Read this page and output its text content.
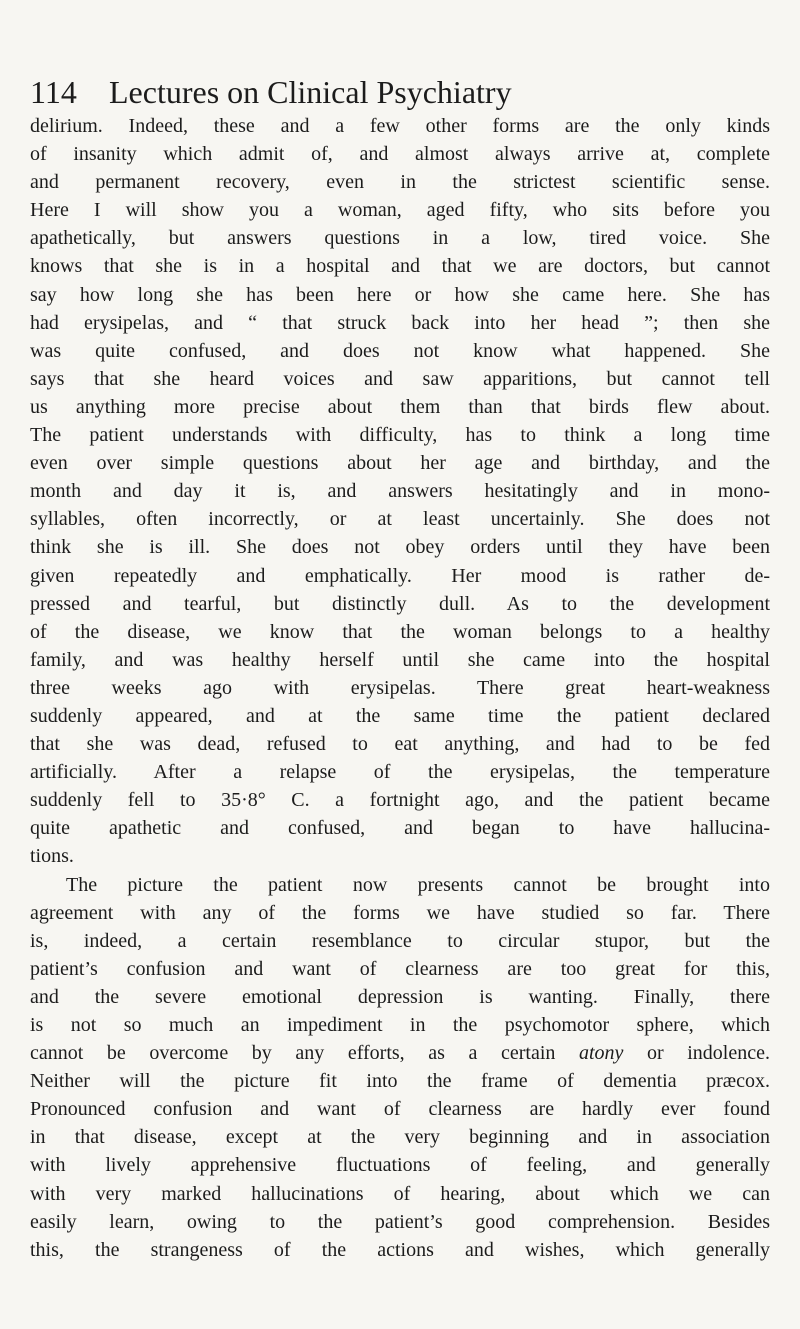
114 Lectures on Clinical Psychiatry
delirium. Indeed, these and a few other forms are the only kinds
of insanity which admit of, and almost always arrive at, complete
and permanent recovery, even in the strictest scientific sense.
Here I will show you a woman, aged fifty, who sits before you
apathetically, but answers questions in a low, tired voice. She
knows that she is in a hospital and that we are doctors, but cannot
say how long she has been here or how she came here. She has
had erysipelas, and “ that struck back into her head ”; then she
was quite confused, and does not know what happened. She
says that she heard voices and saw apparitions, but cannot tell
us anything more precise about them than that birds flew about.
The patient understands with difficulty, has to think a long time
even over simple questions about her age and birthday, and the
month and day it is, and answers hesitatingly and in mono-
syllables, often incorrectly, or at least uncertainly. She does not
think she is ill. She does not obey orders until they have been
given repeatedly and emphatically. Her mood is rather de-
pressed and tearful, but distinctly dull. As to the development
of the disease, we know that the woman belongs to a healthy
family, and was healthy herself until she came into the hospital
three weeks ago with erysipelas. There great heart-weakness
suddenly appeared, and at the same time the patient declared
that she was dead, refused to eat anything, and had to be fed
artificially. After a relapse of the erysipelas, the temperature
suddenly fell to 35·8° C. a fortnight ago, and the patient became
quite apathetic and confused, and began to have hallucina-
tions.
The picture the patient now presents cannot be brought into
agreement with any of the forms we have studied so far. There
is, indeed, a certain resemblance to circular stupor, but the
patient’s confusion and want of clearness are too great for this,
and the severe emotional depression is wanting. Finally, there
is not so much an impediment in the psychomotor sphere, which
cannot be overcome by any efforts, as a certain atony or indolence.
Neither will the picture fit into the frame of dementia præcox.
Pronounced confusion and want of clearness are hardly ever found
in that disease, except at the very beginning and in association
with lively apprehensive fluctuations of feeling, and generally
with very marked hallucinations of hearing, about which we can
easily learn, owing to the patient’s good comprehension. Besides
this, the strangeness of the actions and wishes, which generally
